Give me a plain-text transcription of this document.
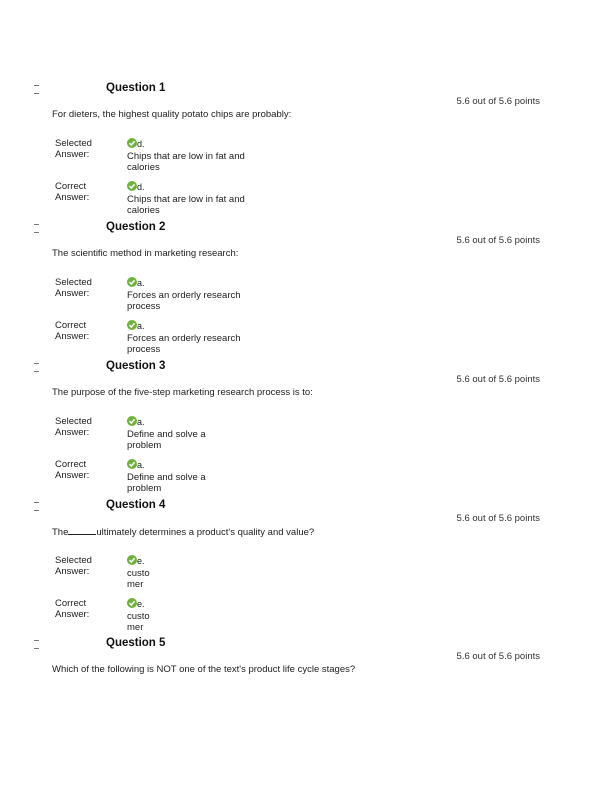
Question 1
5.6 out of 5.6 points
For dieters, the highest quality potato chips are probably:
Selected
Answer:
d.
Chips that are low in fat and
calories
Correct
Answer:
d.
Chips that are low in fat and
calories
Question 2
5.6 out of 5.6 points
The scientific method in marketing research:
Selected
Answer:
a.
Forces an orderly research
process
Correct
Answer:
a.
Forces an orderly research
process
Question 3
5.6 out of 5.6 points
The purpose of the five-step marketing research process is to:
Selected
Answer:
a.
Define and solve a
problem
Correct
Answer:
a.
Define and solve a
problem
Question 4
5.6 out of 5.6 points
The	ultimately determines a product's quality and value?
Selected
Answer:
e.
custo
mer
Correct
Answer:
e.
custo
mer
Question 5
5.6 out of 5.6 points
Which of the following is NOT one of the text's product life cycle stages?
